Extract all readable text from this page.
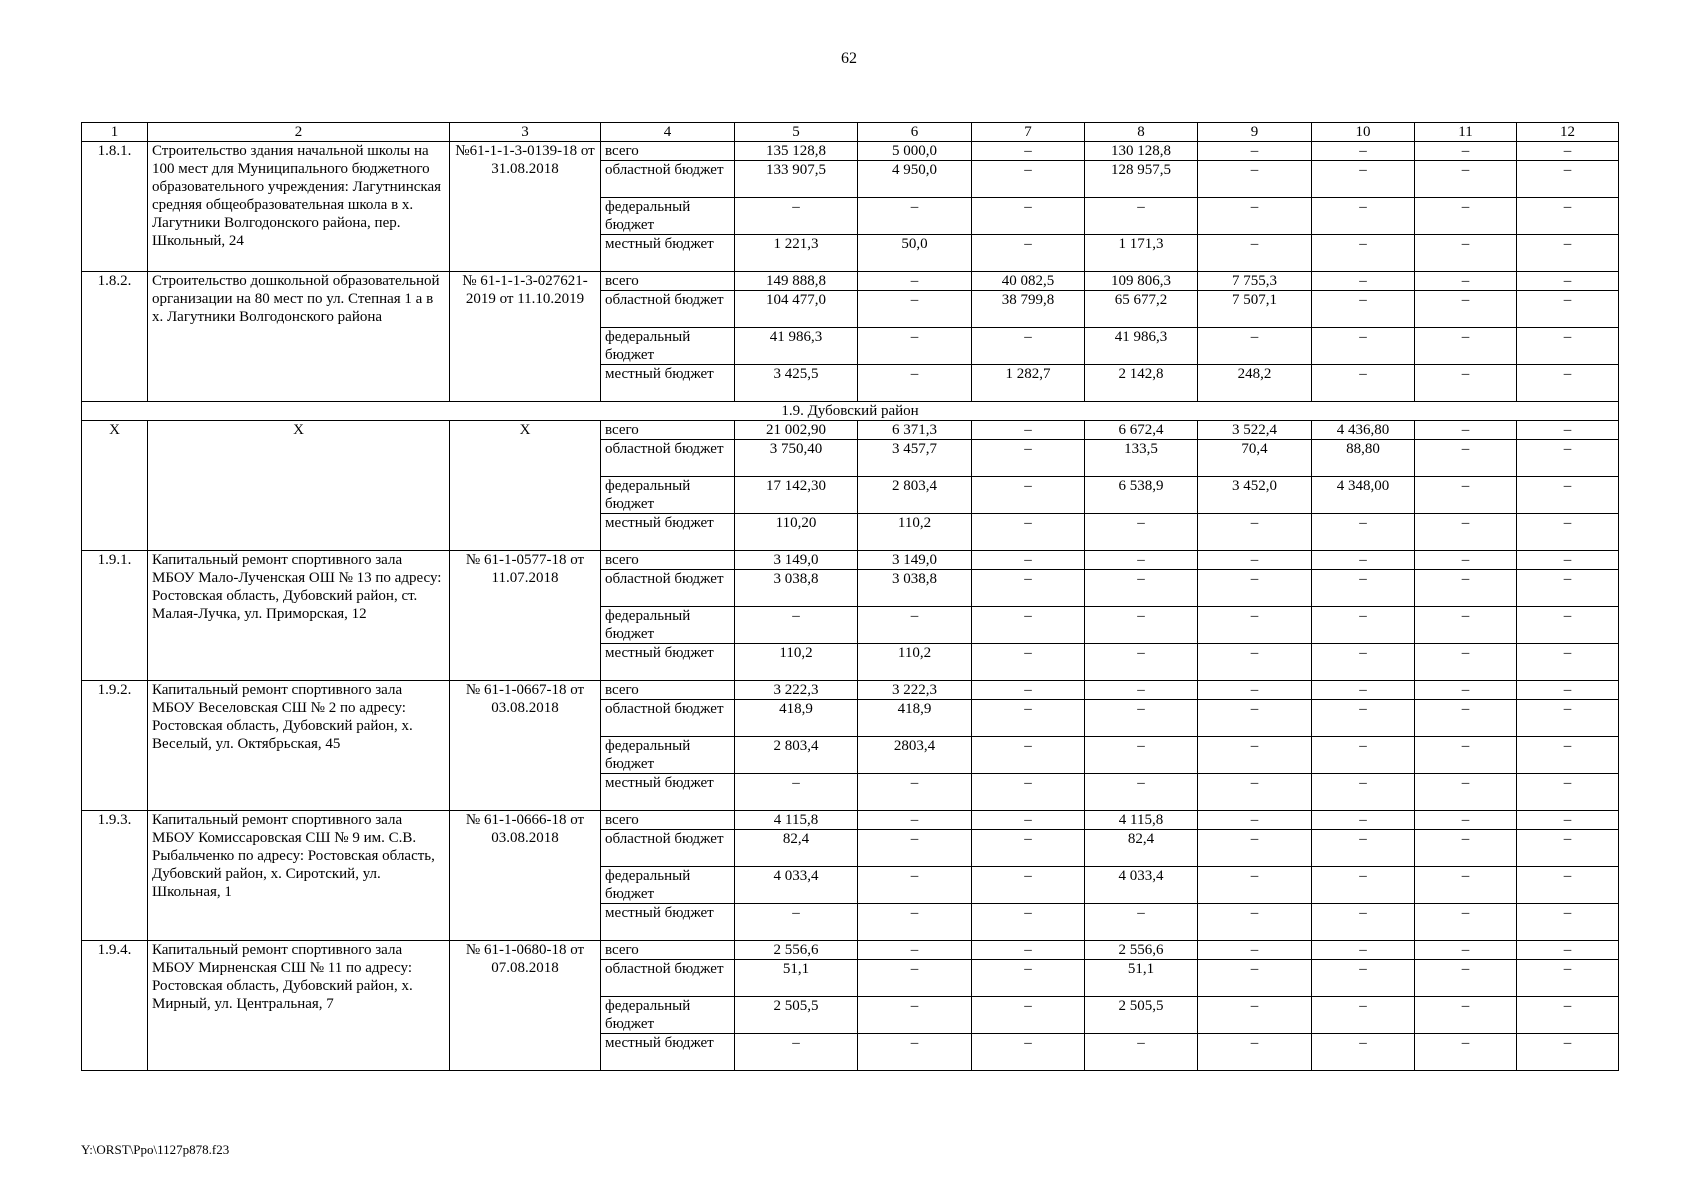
62
1	2	3	4	5	6	7	8	9	10	11	12
1.8.1.	Строительство здания начальной школы на 100 мест для Муниципального бюджетного образовательного учреждения: Лагутнинская средняя общеобразовательная школа в х. Лагутники Волгодонского района, пер. Школьный, 24	№61-1-1-3-0139-18 от 31.08.2018	всего	135 128,8	5 000,0	–	130 128,8	–	–	–	–
			областной бюджет	133 907,5	4 950,0	–	128 957,5	–	–	–	–
			федеральный бюджет	–	–	–	–	–	–	–	–
			местный бюджет	1 221,3	50,0	–	1 171,3	–	–	–	–
1.8.2.	Строительство дошкольной образовательной организации на 80 мест по ул. Степная 1 а в х. Лагутники Волгодонского района	№ 61-1-1-3-027621-2019 от 11.10.2019	всего	149 888,8	–	40 082,5	109 806,3	7 755,3	–	–	–
			областной бюджет	104 477,0	–	38 799,8	65 677,2	7 507,1	–	–	–
			федеральный бюджет	41 986,3	–	–	41 986,3	–	–	–	–
			местный бюджет	3 425,5	–	1 282,7	2 142,8	248,2	–	–	–
1.9. Дубовский район											
X	X	X	всего	21 002,90	6 371,3	–	6 672,4	3 522,4	4 436,80	–	–
			областной бюджет	3 750,40	3 457,7	–	133,5	70,4	88,80	–	–
			федеральный бюджет	17 142,30	2 803,4	–	6 538,9	3 452,0	4 348,00	–	–
			местный бюджет	110,20	110,2	–	–	–	–	–	–
1.9.1.	Капитальный ремонт спортивного зала МБОУ Мало-Лученская ОШ № 13 по адресу: Ростовская область, Дубовский район, ст. Малая-Лучка, ул. Приморская, 12	№ 61-1-0577-18 от 11.07.2018	всего	3 149,0	3 149,0	–	–	–	–	–	–
			областной бюджет	3 038,8	3 038,8	–	–	–	–	–	–
			федеральный бюджет	–	–	–	–	–	–	–	–
			местный бюджет	110,2	110,2	–	–	–	–	–	–
1.9.2.	Капитальный ремонт спортивного зала МБОУ Веселовская СШ № 2 по адресу: Ростовская область, Дубовский район, х. Веселый, ул. Октябрьская, 45	№ 61-1-0667-18 от 03.08.2018	всего	3 222,3	3 222,3	–	–	–	–	–	–
			областной бюджет	418,9	418,9	–	–	–	–	–	–
			федеральный бюджет	2 803,4	2803,4	–	–	–	–	–	–
			местный бюджет	–	–	–	–	–	–	–	–
1.9.3.	Капитальный ремонт спортивного зала МБОУ Комиссаровская СШ № 9 им. С.В. Рыбальченко по адресу: Ростовская область, Дубовский район, х. Сиротский, ул. Школьная, 1	№ 61-1-0666-18 от 03.08.2018	всего	4 115,8	–	–	4 115,8	–	–	–	–
			областной бюджет	82,4	–	–	82,4	–	–	–	–
			федеральный бюджет	4 033,4	–	–	4 033,4	–	–	–	–
			местный бюджет	–	–	–	–	–	–	–	–
1.9.4.	Капитальный ремонт спортивного зала МБОУ Мирненская СШ № 11 по адресу: Ростовская область, Дубовский район, х. Мирный, ул. Центральная, 7	№ 61-1-0680-18 от 07.08.2018	всего	2 556,6	–	–	2 556,6	–	–	–	–
			областной бюджет	51,1	–	–	51,1	–	–	–	–
			федеральный бюджет	2 505,5	–	–	2 505,5	–	–	–	–
			местный бюджет	–	–	–	–	–	–	–	–
Y:\ORST\Ppo\1127p878.f23
